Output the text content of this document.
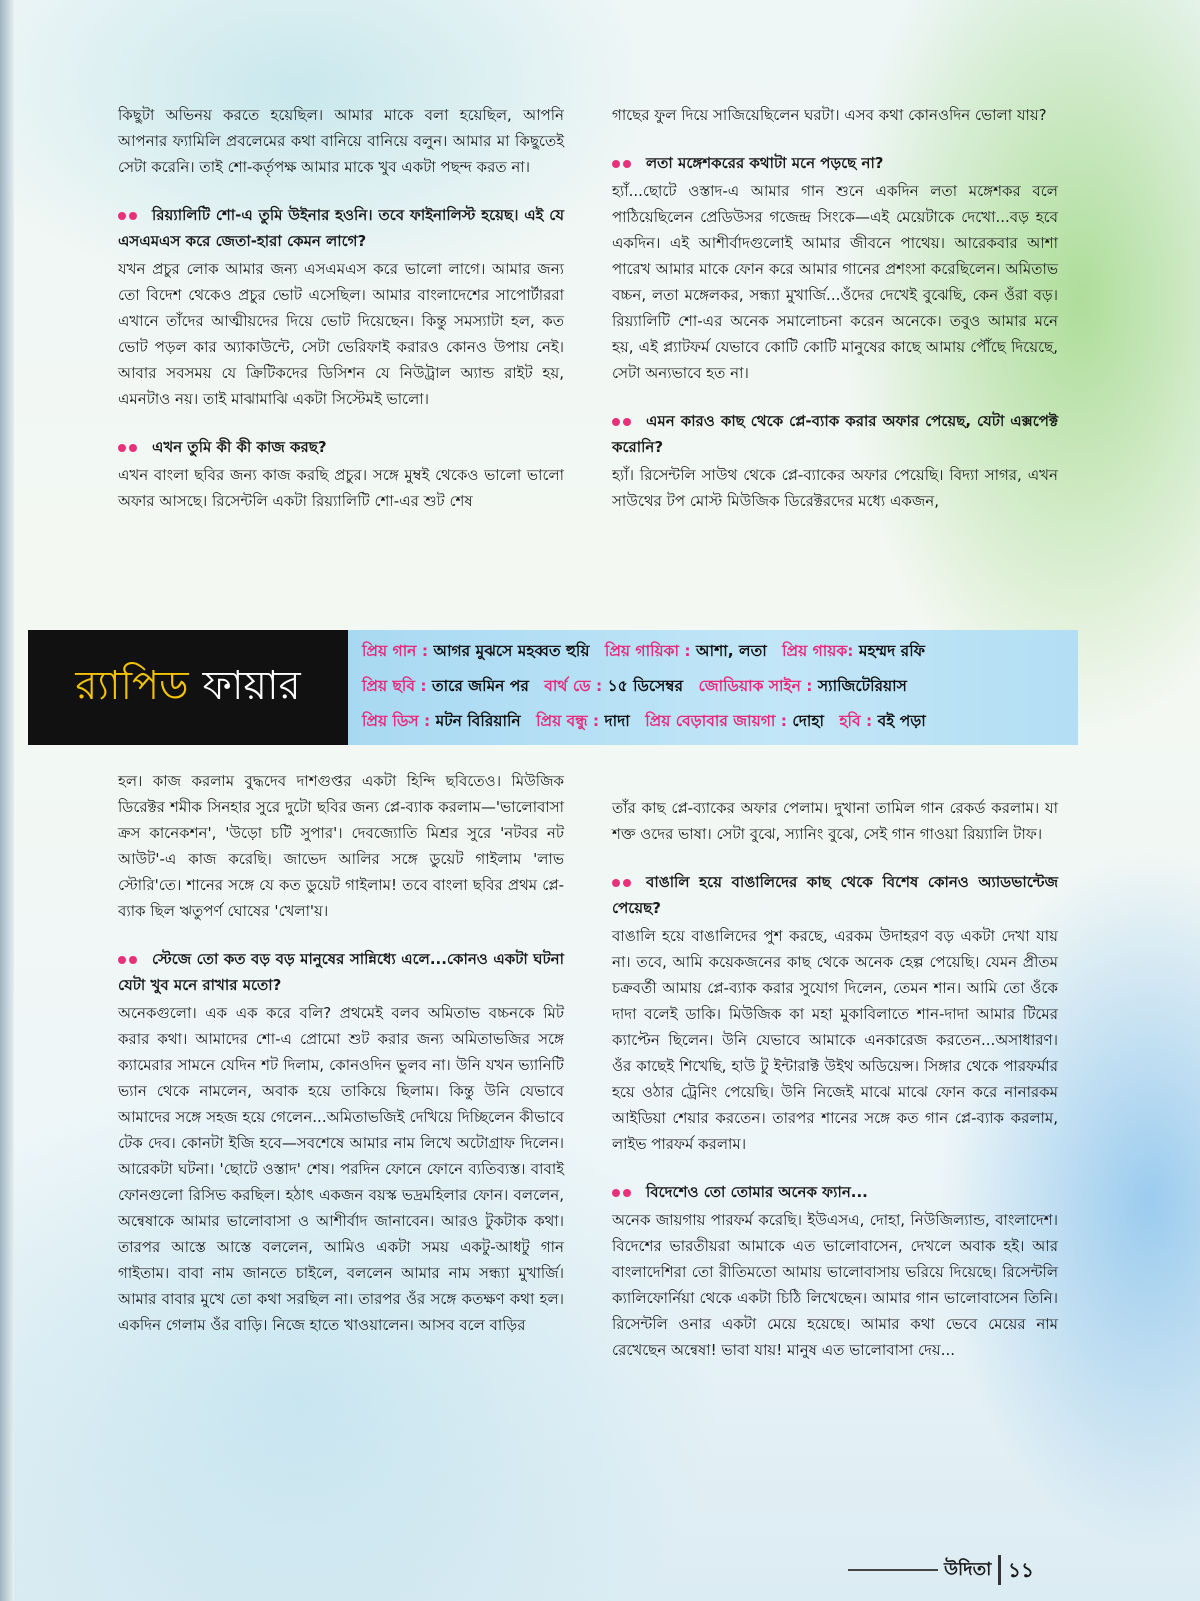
কিছুটা অভিনয় করতে হয়েছিল। আমার মাকে বলা হয়েছিল, আপনি আপনার ফ্যামিলি প্রবলেমের কথা বানিয়ে বানিয়ে বলুন। আমার মা কিছুতেই সেটা করেনি। তাই শো-কর্তৃপক্ষ আমার মাকে খুব একটা পছন্দ করত না।

রিয়্যালিটি শো-এ তুমি উইনার হওনি। তবে ফাইনালিস্ট হয়েছ। এই যে এসএমএস করে জেতা-হারা কেমন লাগে?

যখন প্রচুর লোক আমার জন্য এসএমএস করে ভালো লাগে। আমার জন্য তো বিদেশ থেকেও প্রচুর ভোট এসেছিল। আমার বাংলাদেশের সাপোর্টাররা এখানে তাঁদের আত্মীয়দের দিয়ে ভোট দিয়েছেন। কিন্তু সমস্যাটা হল, কত ভোট পড়ল কার অ্যাকাউন্টে, সেটা ভেরিফাই করারও কোনও উপায় নেই। আবার সবসময় যে ক্রিটিকদের ডিসিশন যে নিউট্রাল অ্যান্ড রাইট হয়, এমনটাও নয়। তাই মাঝামাঝি একটা সিস্টেমই ভালো।

এখন তুমি কী কী কাজ করছ?

এখন বাংলা ছবির জন্য কাজ করছি প্রচুর। সঙ্গে মুম্বই থেকেও ভালো ভালো অফার আসছে। রিসেন্টলি একটা রিয়্যালিটি শো-এর শুট শেষ

গাছের ফুল দিয়ে সাজিয়েছিলেন ঘরটা। এসব কথা কোনওদিন ভোলা যায়?

লতা মঙ্গেশকরের কথাটা মনে পড়ছে না?

হ্যাঁ...ছোটে ওস্তাদ-এ আমার গান শুনে একদিন লতা মঙ্গেশকর বলে পাঠিয়েছিলেন প্রেডিউসর গজেন্দ্র সিংকে—এই মেয়েটাকে দেখো...বড় হবে একদিন। এই আশীর্বাদগুলোই আমার জীবনে পাথেয়। আরেকবার আশা পারেখ আমার মাকে ফোন করে আমার গানের প্রশংসা করেছিলেন। অমিতাভ বচ্চন, লতা মঙ্গেলকর, সন্ধ্যা মুখার্জি...ওঁদের দেখেই বুঝেছি, কেন ওঁরা বড়। রিয়্যালিটি শো-এর অনেক সমালোচনা করেন অনেকে। তবুও আমার মনে হয়, এই প্ল্যাটফর্ম যেভাবে কোটি কোটি মানুষের কাছে আমায় পৌঁছে দিয়েছে, সেটা অন্যভাবে হত না।

এমন কারও কাছ থেকে প্লে-ব্যাক করার অফার পেয়েছ, যেটা এক্সপেক্ট করোনি?

হ্যাঁ। রিসেন্টলি সাউথ থেকে প্লে-ব্যাকের অফার পেয়েছি। বিদ্যা সাগর, এখন সাউথের টপ মোস্ট মিউজিক ডিরেক্টরদের মধ্যে একজন,

র‍্যাপিড ফায়ার
প্রিয় গান : আগর মুঝসে মহব্বত হুয়ি প্রিয় গায়িকা : আশা, লতা প্রিয় গায়ক: মহম্মদ রফি
প্রিয় ছবি : তারে জমিন পর বার্থ ডে : ১৫ ডিসেম্বর জোডিয়াক সাইন : স্যাজিটেরিয়াস
প্রিয় ডিস : মটন বিরিয়ানি প্রিয় বন্ধু : দাদা প্রিয় বেড়াবার জায়গা : দোহা হবি : বই পড়া

হল। কাজ করলাম বুদ্ধদেব দাশগুপ্তর একটা হিন্দি ছবিতেও। মিউজিক ডিরেক্টর শমীক সিনহার সুরে দুটো ছবির জন্য প্লে-ব্যাক করলাম—'ভালোবাসা ক্রস কানেকশন', 'উড়ো চটি সুপার'। দেবজ্যোতি মিশ্রর সুরে 'নটবর নট আউট'-এ কাজ করেছি। জাভেদ আলির সঙ্গে ডুয়েট গাইলাম 'লাভ স্টোরি'তে। শানের সঙ্গে যে কত ডুয়েট গাইলাম! তবে বাংলা ছবির প্রথম প্লে-ব্যাক ছিল ঋতুপর্ণ ঘোষের 'খেলা'য়।

স্টেজে তো কত বড় বড় মানুষের সান্নিধ্যে এলে...কোনও একটা ঘটনা যেটা খুব মনে রাখার মতো?

অনেকগুলো। এক এক করে বলি? প্রথমেই বলব অমিতাভ বচ্চনকে মিট করার কথা। আমাদের শো-এ প্রোমো শুট করার জন্য অমিতাভজির সঙ্গে ক্যামেরার সামনে যেদিন শট দিলাম, কোনওদিন ভুলব না। উনি যখন ভ্যানিটি ভ্যান থেকে নামলেন, অবাক হয়ে তাকিয়ে ছিলাম। কিন্তু উনি যেভাবে আমাদের সঙ্গে সহজ হয়ে গেলেন...অমিতাভজিই দেখিয়ে দিচ্ছিলেন কীভাবে টেক দেব। কোনটা ইজি হবে—সবশেষে আমার নাম লিখে অটোগ্রাফ দিলেন। আরেকটা ঘটনা। 'ছোটে ওস্তাদ' শেষ। পরদিন ফোনে ফোনে ব্যতিব্যস্ত। বাবাই ফোনগুলো রিসিভ করছিল। হঠাৎ একজন বয়স্ক ভদ্রমহিলার ফোন। বললেন, অন্বেষাকে আমার ভালোবাসা ও আশীর্বাদ জানাবেন। আরও টুকটাক কথা। তারপর আস্তে আস্তে বললেন, আমিও একটা সময় একটু-আধটু গান গাইতাম। বাবা নাম জানতে চাইলে, বললেন আমার নাম সন্ধ্যা মুখার্জি। আমার বাবার মুখে তো কথা সরছিল না। তারপর ওঁর সঙ্গে কতক্ষণ কথা হল। একদিন গেলাম ওঁর বাড়ি। নিজে হাতে খাওয়ালেন। আসব বলে বাড়ির

তাঁর কাছ প্লে-ব্যাকের অফার পেলাম। দুখানা তামিল গান রেকর্ড করলাম। যা শক্ত ওদের ভাষা। সেটা বুঝে, স্যানিং বুঝে, সেই গান গাওয়া রিয়্যালি টাফ।

বাঙালি হয়ে বাঙালিদের কাছ থেকে বিশেষ কোনও অ্যাডভান্টেজ পেয়েছ?

বাঙালি হয়ে বাঙালিদের পুশ করছে, এরকম উদাহরণ বড় একটা দেখা যায় না। তবে, আমি কয়েকজনের কাছ থেকে অনেক হেল্প পেয়েছি। যেমন প্রীতম চক্রবর্তী আমায় প্লে-ব্যাক করার সুযোগ দিলেন, তেমন শান। আমি তো ওঁকে দাদা বলেই ডাকি। মিউজিক কা মহা মুকাবিলাতে শান-দাদা আমার টিমের ক্যাপ্টেন ছিলেন। উনি যেভাবে আমাকে এনকারেজ করতেন...অসাধারণ। ওঁর কাছেই শিখেছি, হাউ টু ইন্টারাক্ট উইথ অডিয়েন্স। সিঙ্গার থেকে পারফর্মার হয়ে ওঠার ট্রেনিং পেয়েছি। উনি নিজেই মাঝে মাঝে ফোন করে নানারকম আইডিয়া শেয়ার করতেন। তারপর শানের সঙ্গে কত গান প্লে-ব্যাক করলাম, লাইভ পারফর্ম করলাম।

বিদেশেও তো তোমার অনেক ফ্যান...

অনেক জায়গায় পারফর্ম করেছি। ইউএসএ, দোহা, নিউজিল্যান্ড, বাংলাদেশ। বিদেশের ভারতীয়রা আমাকে এত ভালোবাসেন, দেখলে অবাক হই। আর বাংলাদেশিরা তো রীতিমতো আমায় ভালোবাসায় ভরিয়ে দিয়েছে। রিসেন্টলি ক্যালিফোর্নিয়া থেকে একটা চিঠি লিখেছেন। আমার গান ভালোবাসেন তিনি। রিসেন্টলি ওনার একটা মেয়ে হয়েছে। আমার কথা ভেবে মেয়ের নাম রেখেছেন অন্বেষা! ভাবা যায়! মানুষ এত ভালোবাসা দেয়...

উদিতা ১১
